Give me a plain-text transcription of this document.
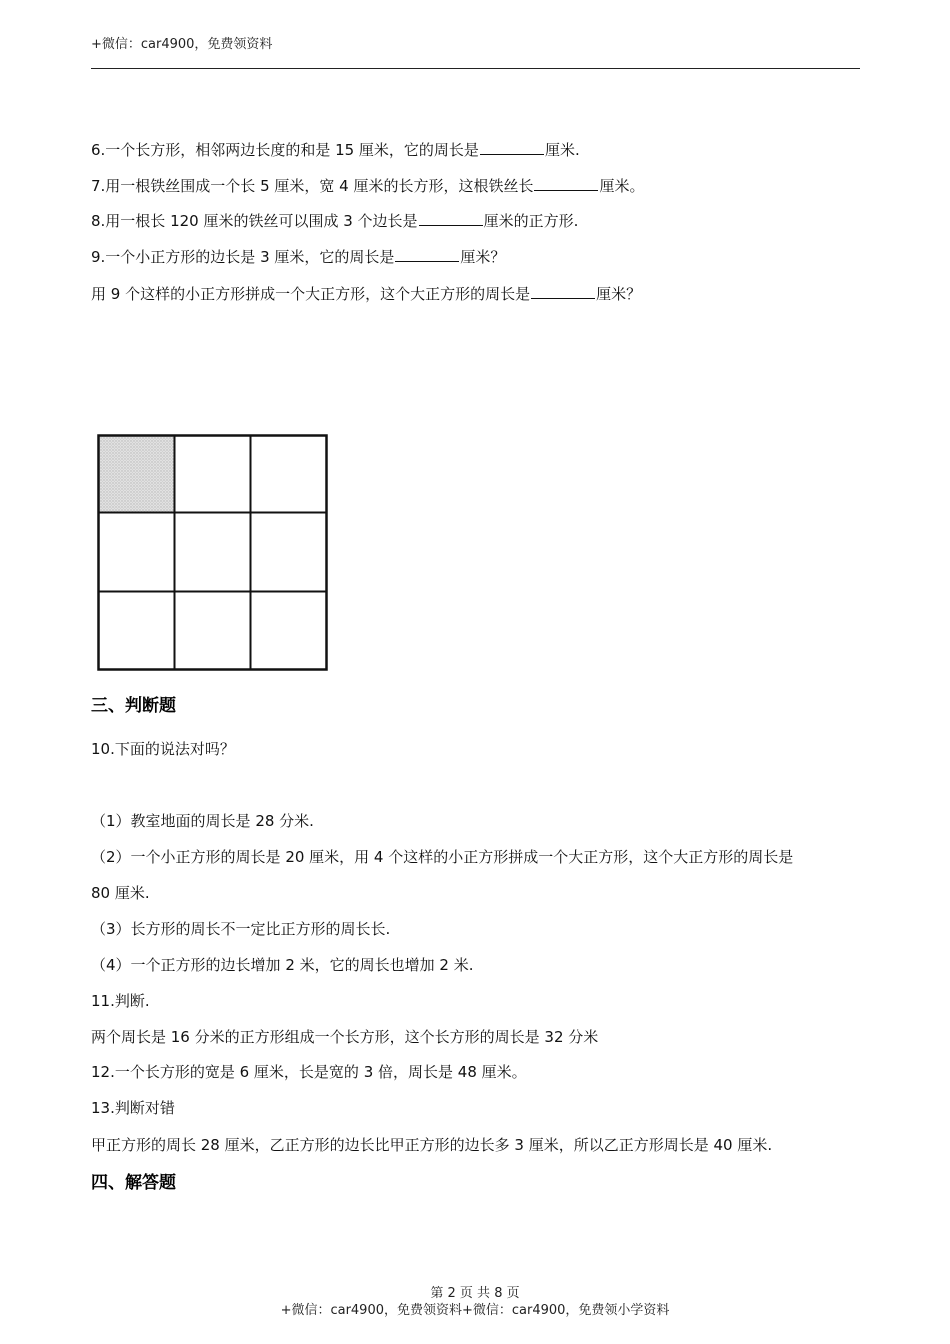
+微信：car4900，免费领资料
6.一个长方形，相邻两边长度的和是 15 厘米，它的周长是	厘米.
7.用一根铁丝围成一个长 5 厘米，宽 4 厘米的长方形，这根铁丝长	厘米。
8.用一根长 120 厘米的铁丝可以围成 3 个边长是	厘米的正方形.
9.一个小正方形的边长是 3 厘米，它的周长是	厘米？
用 9 个这样的小正方形拼成一个大正方形，这个大正方形的周长是	厘米？
三、判断题
10.下面的说法对吗？
（1）教室地面的周长是 28 分米.
（2）一个小正方形的周长是 20 厘米，用 4 个这样的小正方形拼成一个大正方形，这个大正方形的周长是
80 厘米.
（3）长方形的周长不一定比正方形的周长长.
（4）一个正方形的边长增加 2 米，它的周长也增加 2 米.
11.判断.
两个周长是 16 分米的正方形组成一个长方形，这个长方形的周长是 32 分米
12.一个长方形的宽是 6 厘米，长是宽的 3 倍，周长是 48 厘米。
13.判断对错
甲正方形的周长 28 厘米，乙正方形的边长比甲正方形的边长多 3 厘米，所以乙正方形周长是 40 厘米.
四、解答题
第 2 页 共 8 页
+微信：car4900，免费领资料+微信：car4900，免费领小学资料
